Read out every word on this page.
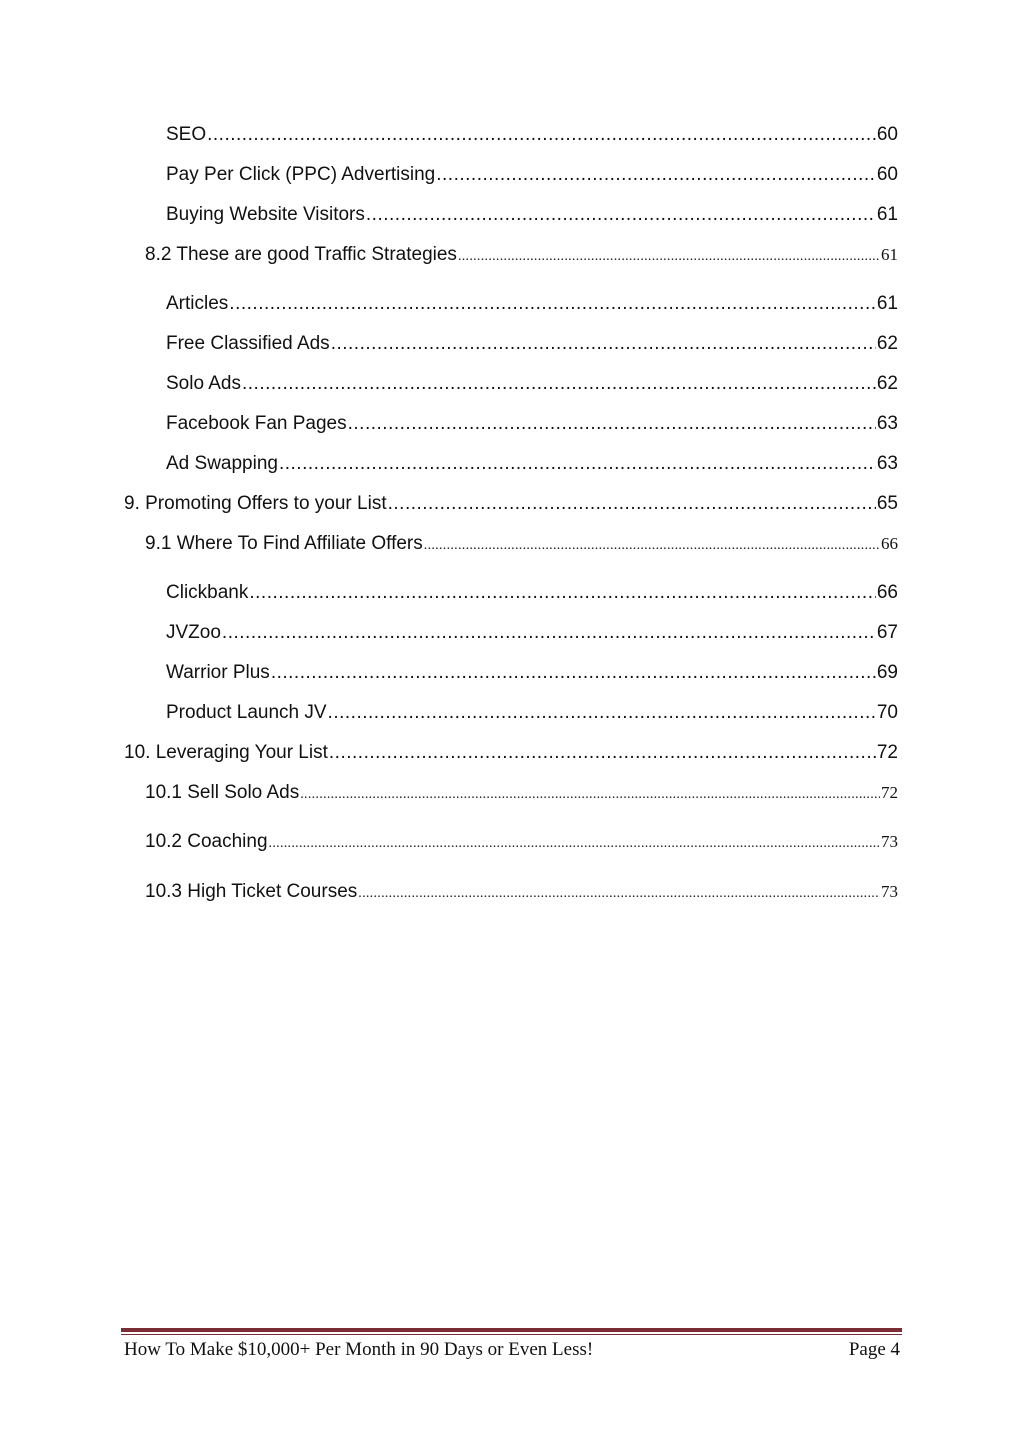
SEO .....	60
Pay Per Click (PPC) Advertising .....	60
Buying Website Visitors .....	61
8.2 These are good Traffic Strategies .....	61
Articles .....	61
Free Classified Ads .....	62
Solo Ads .....	62
Facebook Fan Pages .....	63
Ad Swapping .....	63
9. Promoting Offers to your List .....	65
9.1 Where To Find Affiliate Offers .....	66
Clickbank .....	66
JVZoo .....	67
Warrior Plus .....	69
Product Launch JV .....	70
10. Leveraging Your List .....	72
10.1 Sell Solo Ads .....	72
10.2 Coaching .....	73
10.3 High Ticket Courses .....	73
How To Make $10,000+ Per Month in 90 Days or Even Less!	Page 4
